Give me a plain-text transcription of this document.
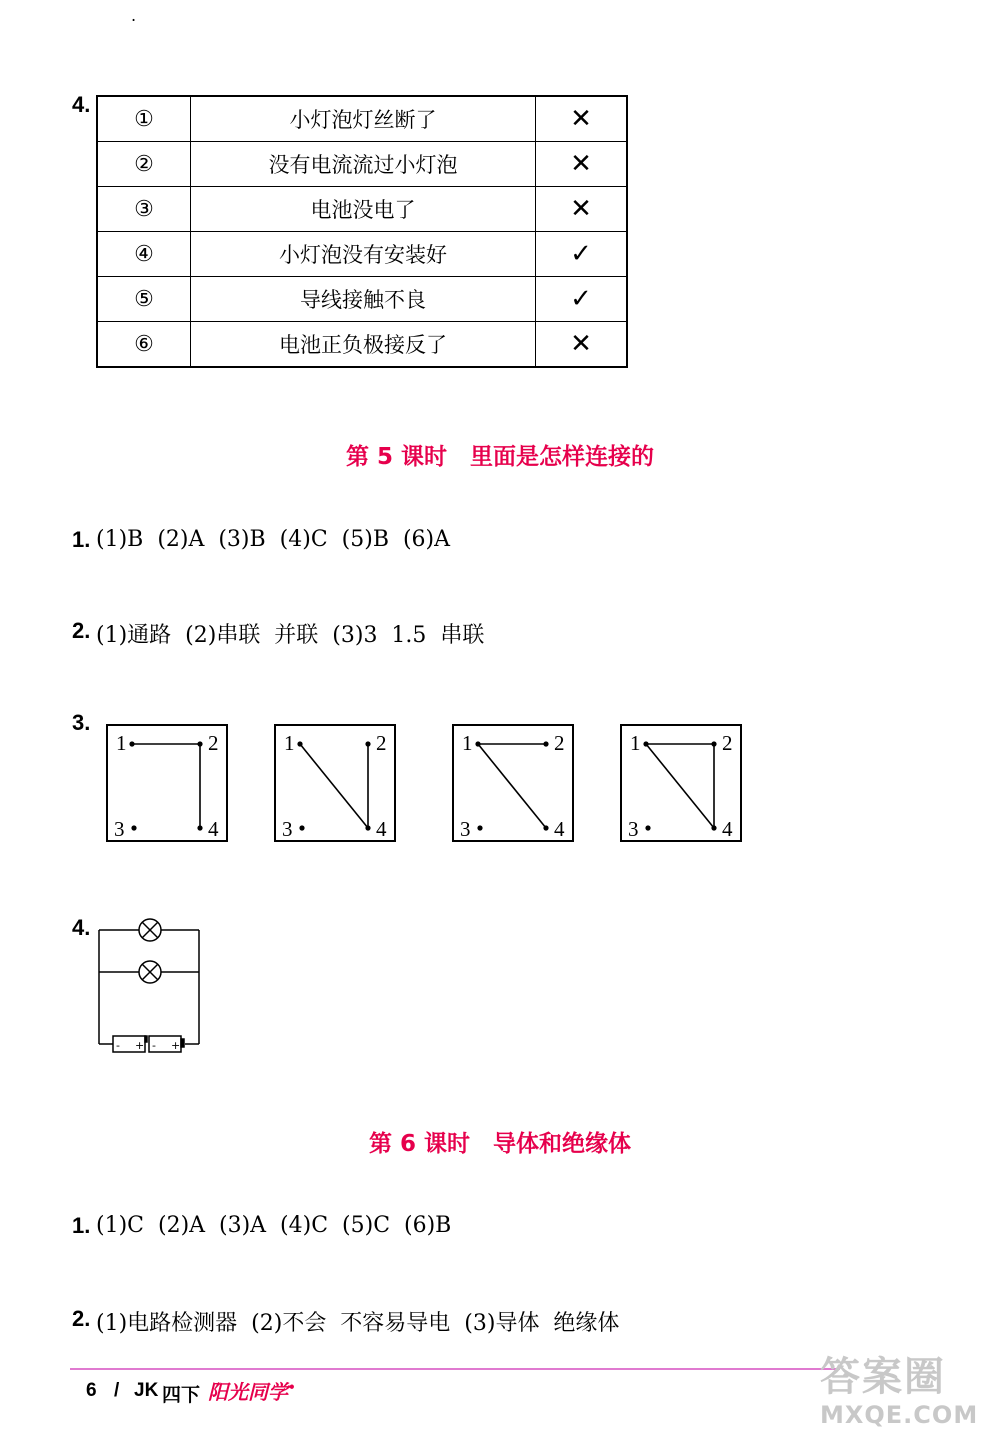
.
4.
①	小灯泡灯丝断了	✕
②	没有电流流过小灯泡	✕
③	电池没电了	✕
④	小灯泡没有安装好	✓
⑤	导线接触不良	✓
⑥	电池正负极接反了	✕
第 5 课时　里面是怎样连接的
1. (1)B  (2)A  (3)B  (4)C  (5)B  (6)A
2. (1)通路  (2)串联  并联  (3)3  1.5  串联
3.
1	2
3	4
1	2
3	4
1	2
3	4
1	2
3	4
4.
- + - +
第 6 课时　导体和绝缘体
1. (1)C  (2)A  (3)A  (4)C  (5)C  (6)B
2. (1)电路检测器  (2)不会  不容易导电  (3)导体  绝缘体
6 / JK 四下 阳光同学•	答案圈
MXQE.COM
